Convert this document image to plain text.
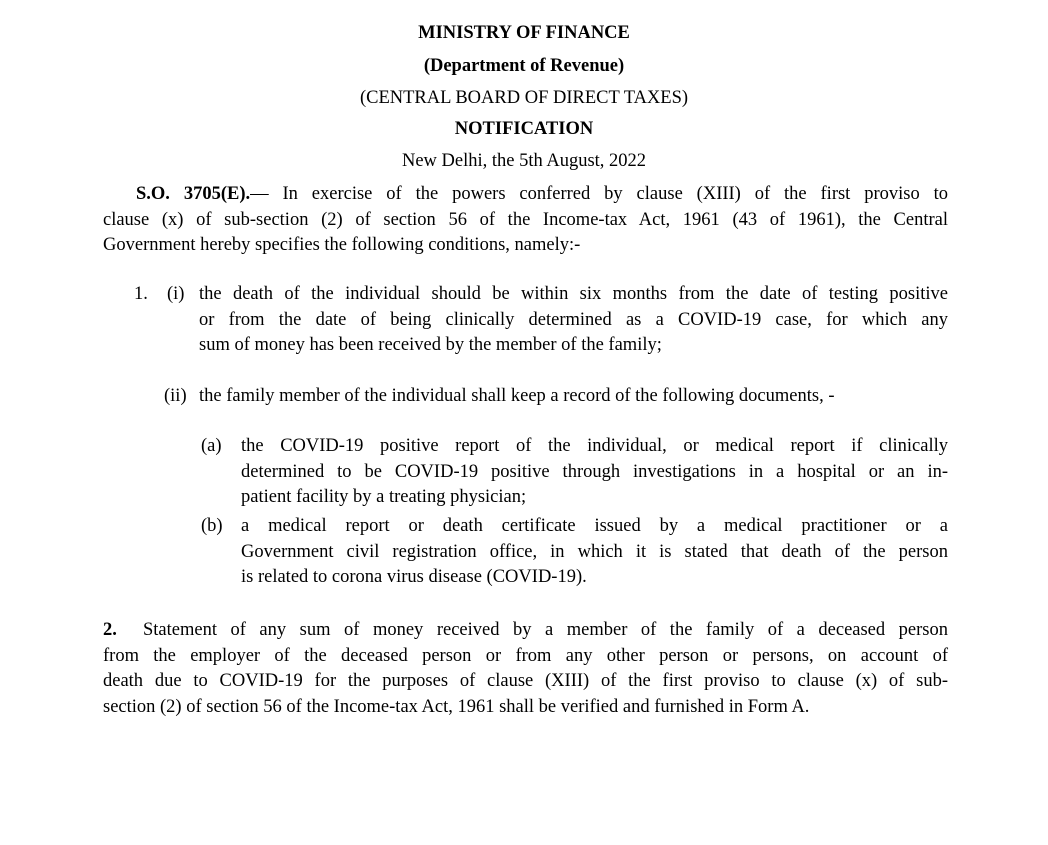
MINISTRY OF FINANCE
(Department of Revenue)
(CENTRAL BOARD OF DIRECT TAXES)
NOTIFICATION
New Delhi, the 5th August, 2022
S.O. 3705(E).— In exercise of the powers conferred by clause (XIII) of the first proviso to
clause (x) of sub-section (2) of section 56 of the Income-tax Act, 1961 (43 of 1961), the Central
Government hereby specifies the following conditions, namely:-
1. (i) the death of the individual should be within six months from the date of testing positive
or from the date of being clinically determined as a COVID-19 case, for which any
sum of money has been received by the member of the family;
(ii) the family member of the individual shall keep a record of the following documents, -
(a) the COVID-19 positive report of the individual, or medical report if clinically
determined to be COVID-19 positive through investigations in a hospital or an in-
patient facility by a treating physician;
(b) a medical report or death certificate issued by a medical practitioner or a
Government civil registration office, in which it is stated that death of the person
is related to corona virus disease (COVID-19).
2. Statement of any sum of money received by a member of the family of a deceased person
from the employer of the deceased person or from any other person or persons, on account of
death due to COVID-19 for the purposes of clause (XIII) of the first proviso to clause (x) of sub-
section (2) of section 56 of the Income-tax Act, 1961 shall be verified and furnished in Form A.
